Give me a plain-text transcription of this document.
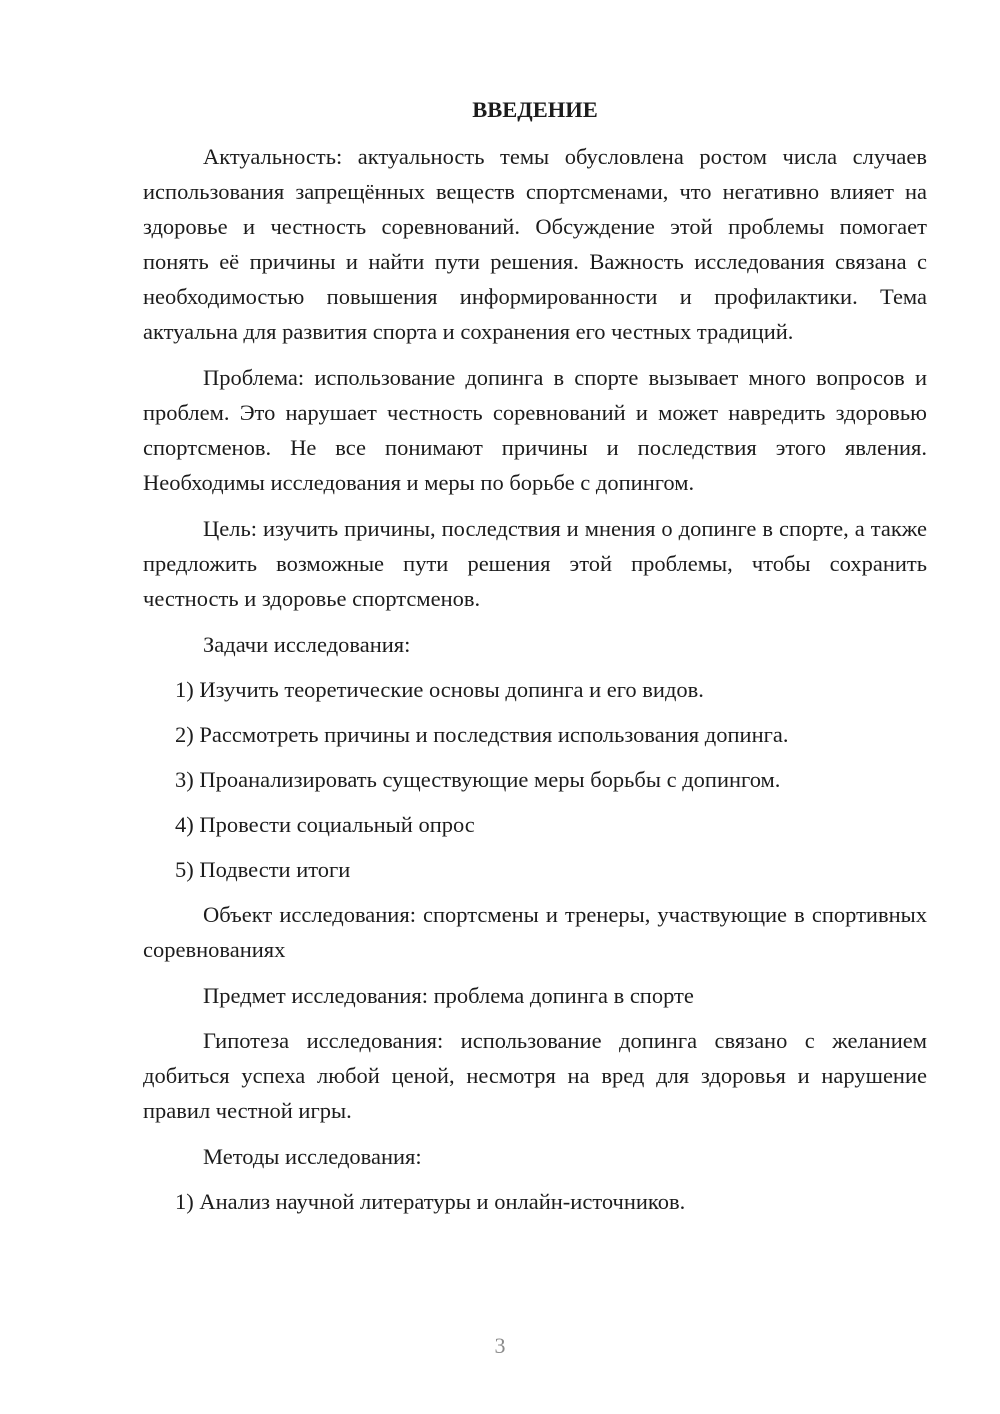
ВВЕДЕНИЕ

Актуальность: актуальность темы обусловлена ростом числа случаев использования запрещённых веществ спортсменами, что негативно влияет на здоровье и честность соревнований. Обсуждение этой проблемы помогает понять её причины и найти пути решения. Важность исследования связана с необходимостью повышения информированности и профилактики. Тема актуальна для развития спорта и сохранения его честных традиций.

Проблема: использование допинга в спорте вызывает много вопросов и проблем. Это нарушает честность соревнований и может навредить здоровью спортсменов. Не все понимают причины и последствия этого явления. Необходимы исследования и меры по борьбе с допингом.

Цель: изучить причины, последствия и мнения о допинге в спорте, а также предложить возможные пути решения этой проблемы, чтобы сохранить честность и здоровье спортсменов.

Задачи исследования:

1) Изучить теоретические основы допинга и его видов.

2) Рассмотреть причины и последствия использования допинга.

3) Проанализировать существующие меры борьбы с допингом.

4) Провести социальный опрос

5) Подвести итоги

Объект исследования: спортсмены и тренеры, участвующие в спортивных соревнованиях

Предмет исследования: проблема допинга в спорте

Гипотеза исследования: использование допинга связано с желанием добиться успеха любой ценой, несмотря на вред для здоровья и нарушение правил честной игры.

Методы исследования:

1) Анализ научной литературы и онлайн-источников.

3
